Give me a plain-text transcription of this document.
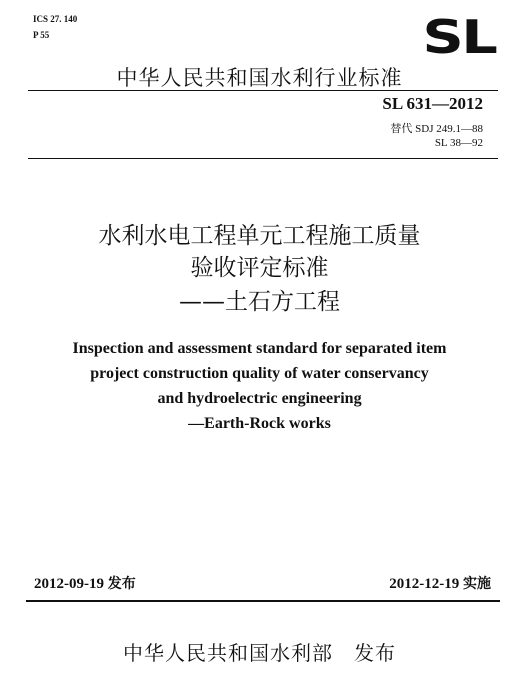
ICS 27. 140
P 55	SL
中华人民共和国水利行业标准
SL 631—2012
替代 SDJ 249.1—88
SL 38—92
水利水电工程单元工程施工质量
验收评定标准
——土石方工程
Inspection and assessment standard for separated item
project construction quality of water conservancy
and hydroelectric engineering
—Earth-Rock works
2012-09-19 发布	2012-12-19 实施
中华人民共和国水利部　发布
